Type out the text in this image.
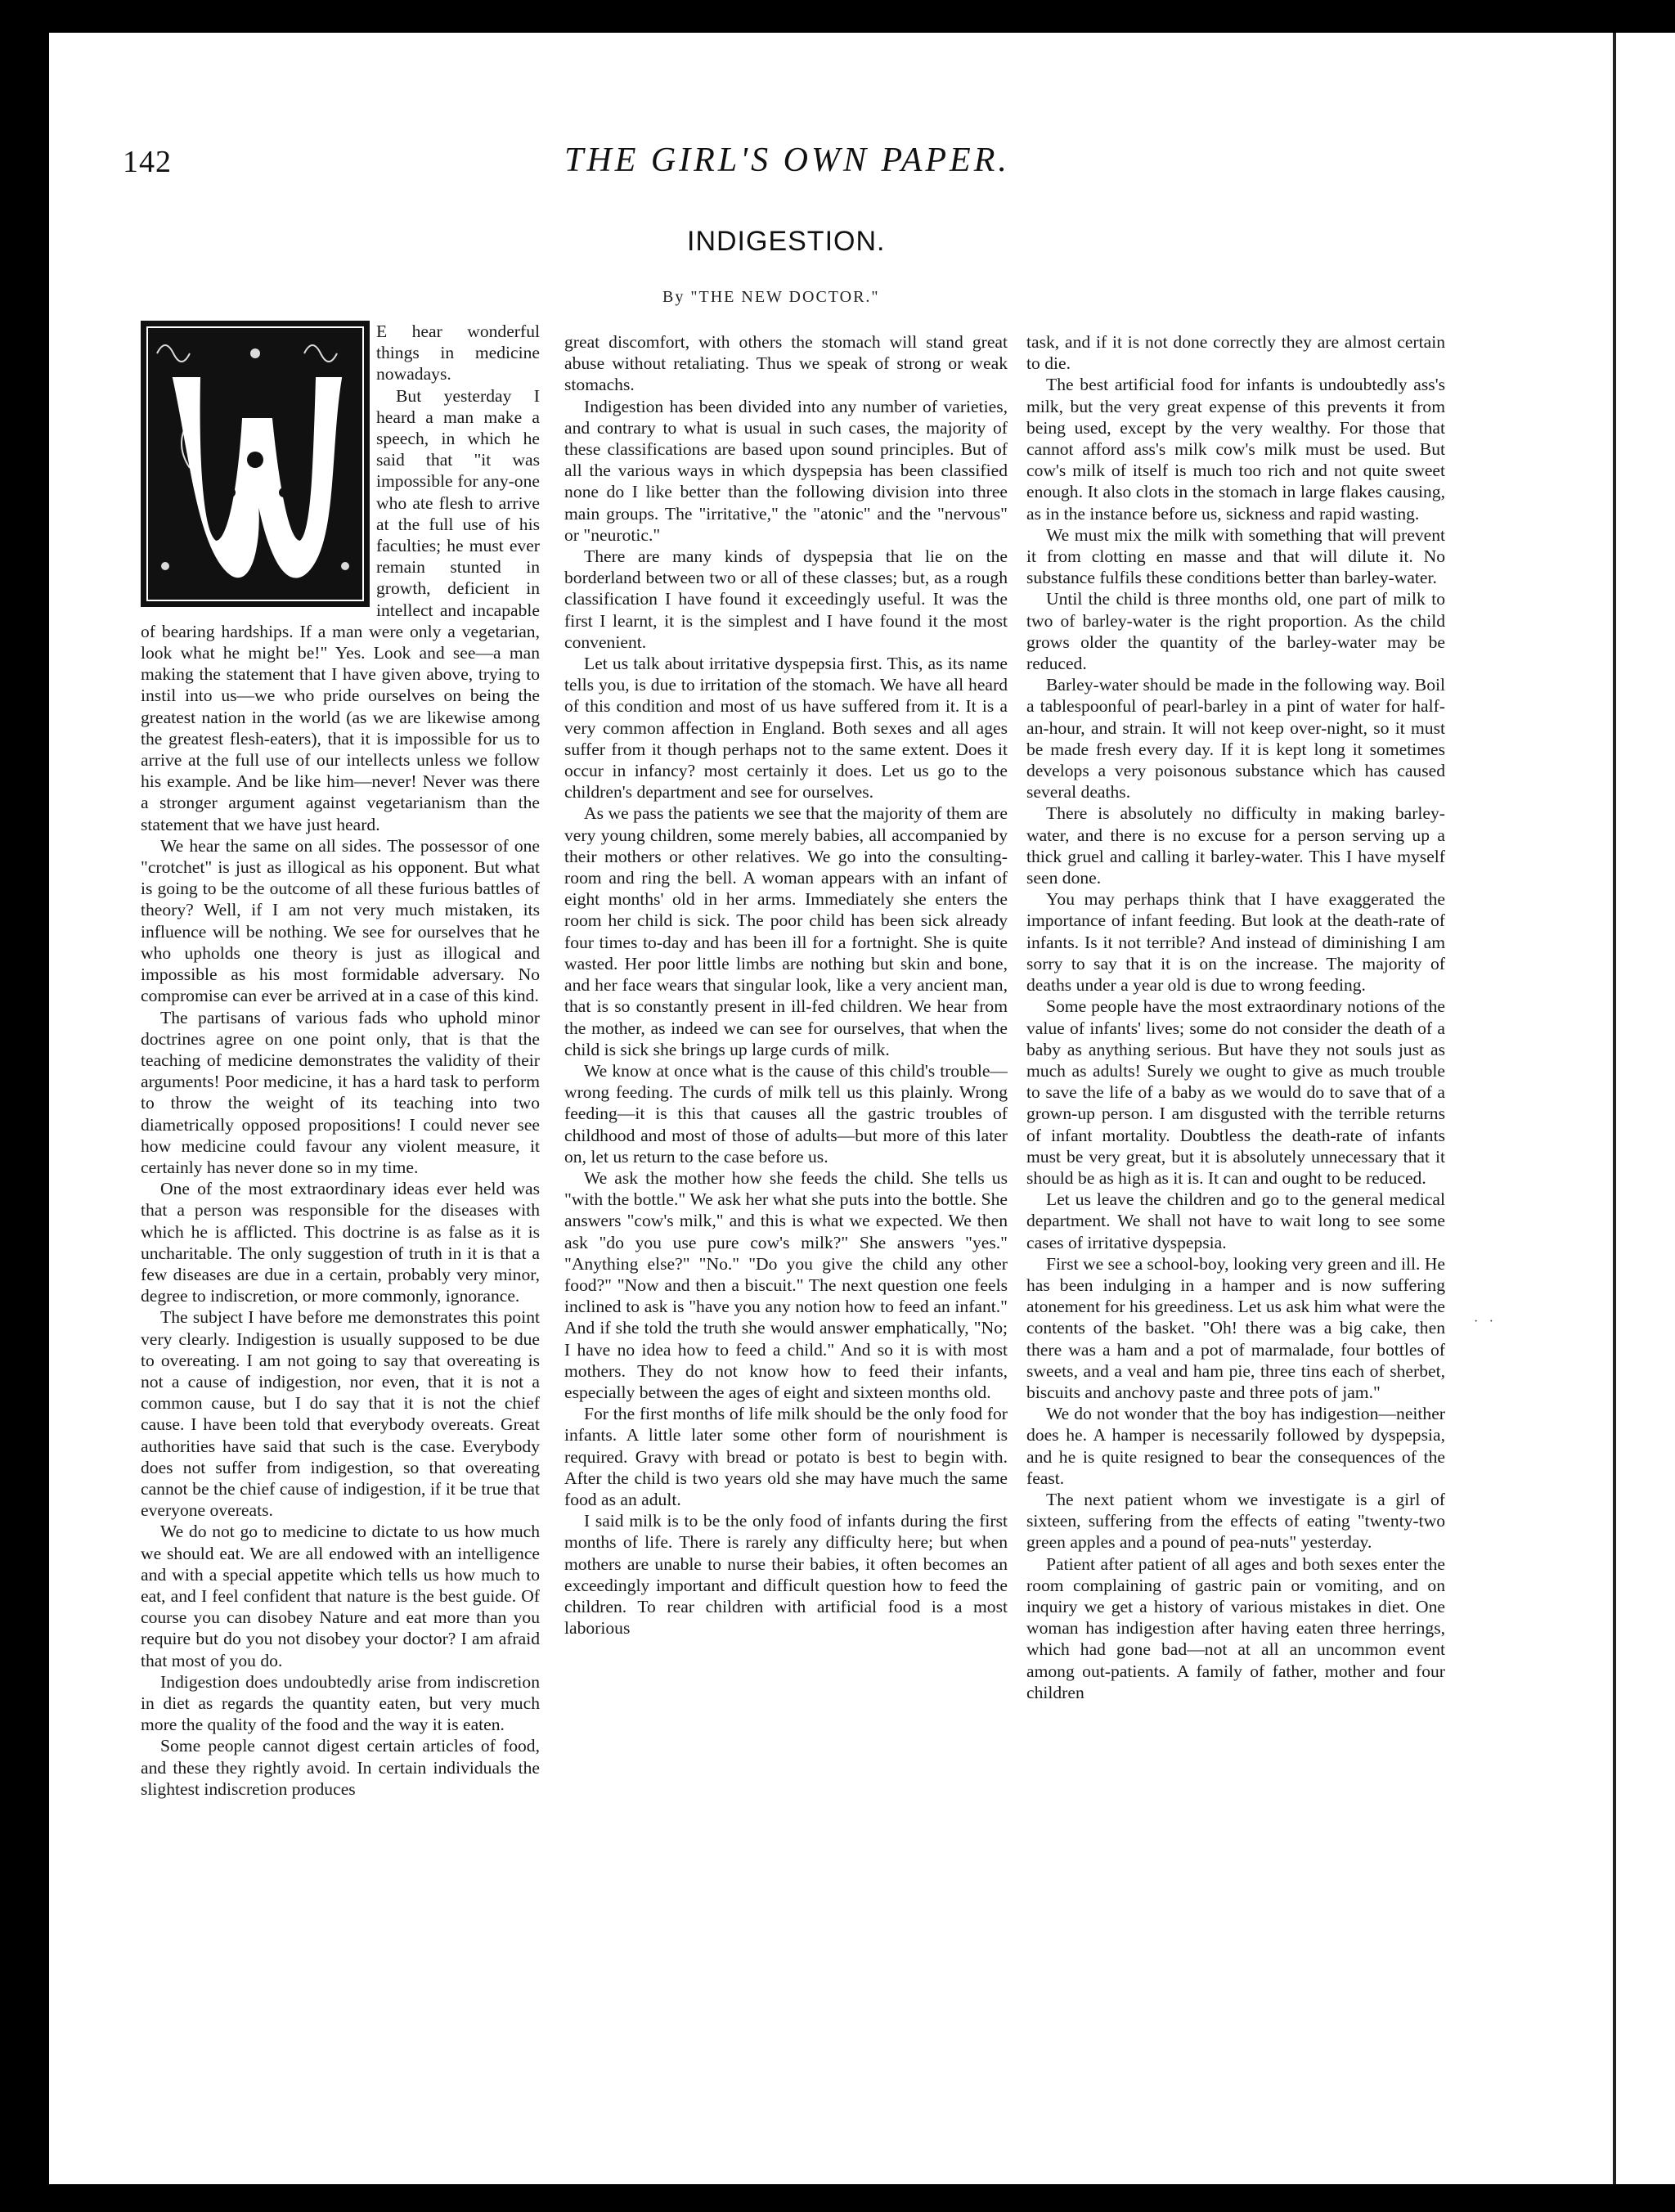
142	THE GIRL'S OWN PAPER.
INDIGESTION.
By "THE NEW DOCTOR."

E hear wonderful things in medicine nowadays.

But yesterday I heard a man make a speech, in which he said that "it was impossible for any-one who ate flesh to arrive at the full use of his faculties; he must ever remain stunted in growth, deficient in intellect and incapable of bearing hardships. If a man were only a vegetarian, look what he might be!" Yes. Look and see—a man making the statement that I have given above, trying to instil into us—we who pride ourselves on being the greatest nation in the world (as we are likewise among the greatest flesh-eaters), that it is impossible for us to arrive at the full use of our intellects unless we follow his example. And be like him—never! Never was there a stronger argument against vegetarianism than the statement that we have just heard.

We hear the same on all sides. The possessor of one "crotchet" is just as illogical as his opponent. But what is going to be the outcome of all these furious battles of theory? Well, if I am not very much mistaken, its influence will be nothing. We see for ourselves that he who upholds one theory is just as illogical and impossible as his most formidable adversary. No compromise can ever be arrived at in a case of this kind.

The partisans of various fads who uphold minor doctrines agree on one point only, that is that the teaching of medicine demonstrates the validity of their arguments! Poor medicine, it has a hard task to perform to throw the weight of its teaching into two diametrically opposed propositions! I could never see how medicine could favour any violent measure, it certainly has never done so in my time.

One of the most extraordinary ideas ever held was that a person was responsible for the diseases with which he is afflicted. This doctrine is as false as it is uncharitable. The only suggestion of truth in it is that a few diseases are due in a certain, probably very minor, degree to indiscretion, or more commonly, ignorance.

The subject I have before me demonstrates this point very clearly. Indigestion is usually supposed to be due to overeating. I am not going to say that overeating is not a cause of indigestion, nor even, that it is not a common cause, but I do say that it is not the chief cause. I have been told that everybody overeats. Great authorities have said that such is the case. Everybody does not suffer from indigestion, so that overeating cannot be the chief cause of indigestion, if it be true that everyone overeats.

We do not go to medicine to dictate to us how much we should eat. We are all endowed with an intelligence and with a special appetite which tells us how much to eat, and I feel confident that nature is the best guide. Of course you can disobey Nature and eat more than you require but do you not disobey your doctor? I am afraid that most of you do.

Indigestion does undoubtedly arise from indiscretion in diet as regards the quantity eaten, but very much more the quality of the food and the way it is eaten.

Some people cannot digest certain articles of food, and these they rightly avoid. In certain individuals the slightest indiscretion produces

great discomfort, with others the stomach will stand great abuse without retaliating. Thus we speak of strong or weak stomachs.

Indigestion has been divided into any number of varieties, and contrary to what is usual in such cases, the majority of these classifications are based upon sound principles. But of all the various ways in which dyspepsia has been classified none do I like better than the following division into three main groups. The "irritative," the "atonic" and the "nervous" or "neurotic."

There are many kinds of dyspepsia that lie on the borderland between two or all of these classes; but, as a rough classification I have found it exceedingly useful. It was the first I learnt, it is the simplest and I have found it the most convenient.

Let us talk about irritative dyspepsia first. This, as its name tells you, is due to irritation of the stomach. We have all heard of this condition and most of us have suffered from it. It is a very common affection in England. Both sexes and all ages suffer from it though perhaps not to the same extent. Does it occur in infancy? most certainly it does. Let us go to the children's department and see for ourselves.

As we pass the patients we see that the majority of them are very young children, some merely babies, all accompanied by their mothers or other relatives. We go into the consulting-room and ring the bell. A woman appears with an infant of eight months' old in her arms. Immediately she enters the room her child is sick. The poor child has been sick already four times to-day and has been ill for a fortnight. She is quite wasted. Her poor little limbs are nothing but skin and bone, and her face wears that singular look, like a very ancient man, that is so constantly present in ill-fed children. We hear from the mother, as indeed we can see for ourselves, that when the child is sick she brings up large curds of milk.

We know at once what is the cause of this child's trouble—wrong feeding. The curds of milk tell us this plainly. Wrong feeding—it is this that causes all the gastric troubles of childhood and most of those of adults—but more of this later on, let us return to the case before us.

We ask the mother how she feeds the child. She tells us "with the bottle." We ask her what she puts into the bottle. She answers "cow's milk," and this is what we expected. We then ask "do you use pure cow's milk?" She answers "yes." "Anything else?" "No." "Do you give the child any other food?" "Now and then a biscuit." The next question one feels inclined to ask is "have you any notion how to feed an infant." And if she told the truth she would answer emphatically, "No; I have no idea how to feed a child." And so it is with most mothers. They do not know how to feed their infants, especially between the ages of eight and sixteen months old.

For the first months of life milk should be the only food for infants. A little later some other form of nourishment is required. Gravy with bread or potato is best to begin with. After the child is two years old she may have much the same food as an adult.

I said milk is to be the only food of infants during the first months of life. There is rarely any difficulty here; but when mothers are unable to nurse their babies, it often becomes an exceedingly important and difficult question how to feed the children. To rear children with artificial food is a most laborious

task, and if it is not done correctly they are almost certain to die.

The best artificial food for infants is undoubtedly ass's milk, but the very great expense of this prevents it from being used, except by the very wealthy. For those that cannot afford ass's milk cow's milk must be used. But cow's milk of itself is much too rich and not quite sweet enough. It also clots in the stomach in large flakes causing, as in the instance before us, sickness and rapid wasting.

We must mix the milk with something that will prevent it from clotting en masse and that will dilute it. No substance fulfils these conditions better than barley-water.

Until the child is three months old, one part of milk to two of barley-water is the right proportion. As the child grows older the quantity of the barley-water may be reduced.

Barley-water should be made in the following way. Boil a tablespoonful of pearl-barley in a pint of water for half-an-hour, and strain. It will not keep over-night, so it must be made fresh every day. If it is kept long it sometimes develops a very poisonous substance which has caused several deaths.

There is absolutely no difficulty in making barley-water, and there is no excuse for a person serving up a thick gruel and calling it barley-water. This I have myself seen done.

You may perhaps think that I have exaggerated the importance of infant feeding. But look at the death-rate of infants. Is it not terrible? And instead of diminishing I am sorry to say that it is on the increase. The majority of deaths under a year old is due to wrong feeding.

Some people have the most extraordinary notions of the value of infants' lives; some do not consider the death of a baby as anything serious. But have they not souls just as much as adults! Surely we ought to give as much trouble to save the life of a baby as we would do to save that of a grown-up person. I am disgusted with the terrible returns of infant mortality. Doubtless the death-rate of infants must be very great, but it is absolutely unnecessary that it should be as high as it is. It can and ought to be reduced.

Let us leave the children and go to the general medical department. We shall not have to wait long to see some cases of irritative dyspepsia.

First we see a school-boy, looking very green and ill. He has been indulging in a hamper and is now suffering atonement for his greediness. Let us ask him what were the contents of the basket. "Oh! there was a big cake, then there was a ham and a pot of marmalade, four bottles of sweets, and a veal and ham pie, three tins each of sherbet, biscuits and anchovy paste and three pots of jam."

We do not wonder that the boy has indigestion—neither does he. A hamper is necessarily followed by dyspepsia, and he is quite resigned to bear the consequences of the feast.

The next patient whom we investigate is a girl of sixteen, suffering from the effects of eating "twenty-two green apples and a pound of pea-nuts" yesterday.

Patient after patient of all ages and both sexes enter the room complaining of gastric pain or vomiting, and on inquiry we get a history of various mistakes in diet. One woman has indigestion after having eaten three herrings, which had gone bad—not at all an uncommon event among out-patients. A family of father, mother and four children

· ·
